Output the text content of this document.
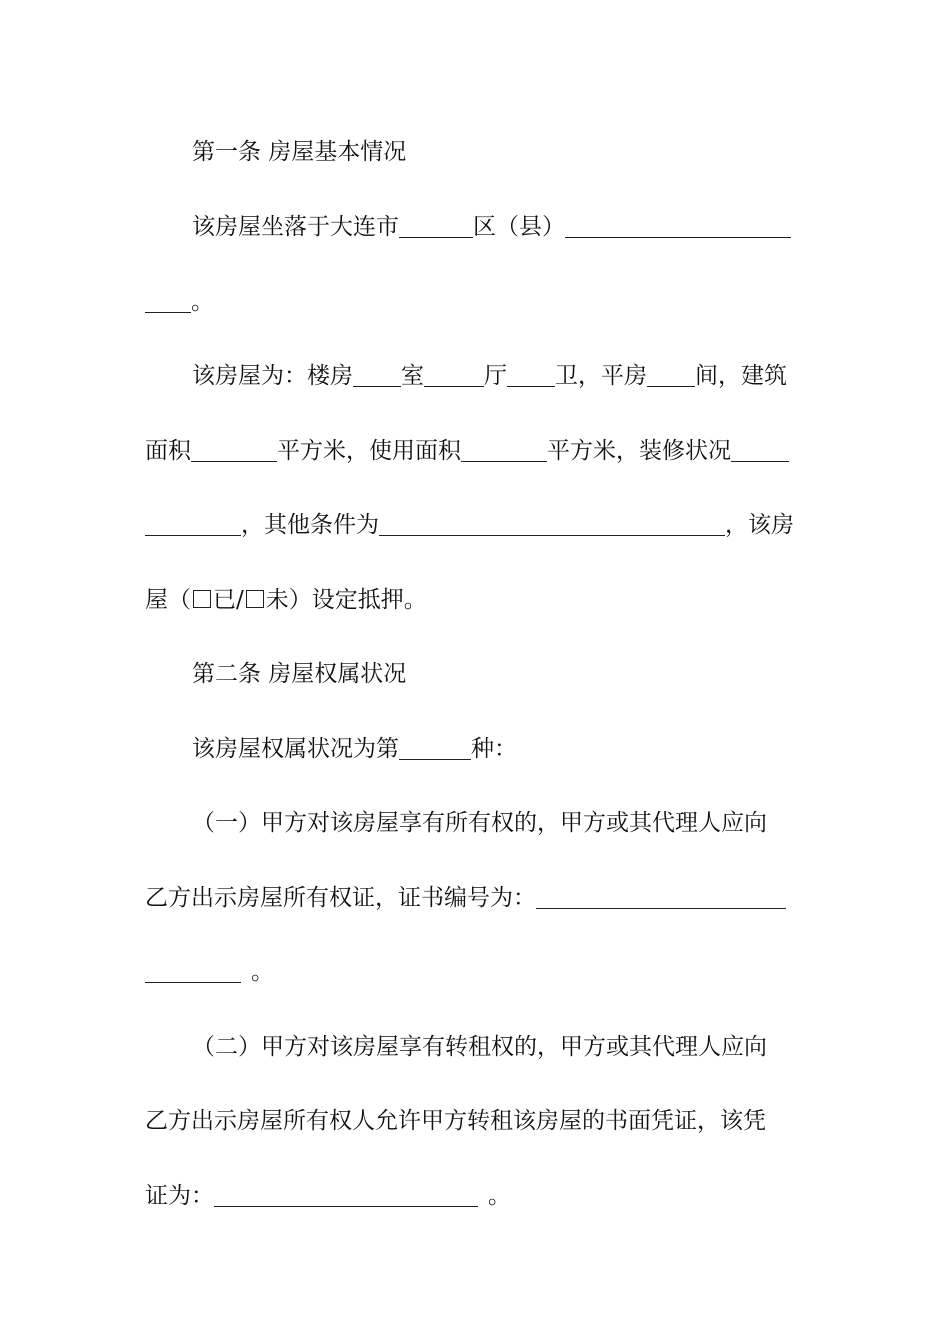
第一条 房屋基本情况
该房屋坐落于大连市	区（县）
。
该房屋为：楼房 室	厅 卫，平房 间，建筑
面积	平方米，使用面积	平方米，装修状况
，其他条件为	，该房
屋（ 已/ 未）设定抵押。
第二条 房屋权属状况
该房屋权属状况为第	种：
（一）甲方对该房屋享有所有权的，甲方或其代理人应向
乙方出示房屋所有权证，证书编号为：
。
（二）甲方对该房屋享有转租权的，甲方或其代理人应向
乙方出示房屋所有权人允许甲方转租该房屋的书面凭证，该凭
证为：	。
